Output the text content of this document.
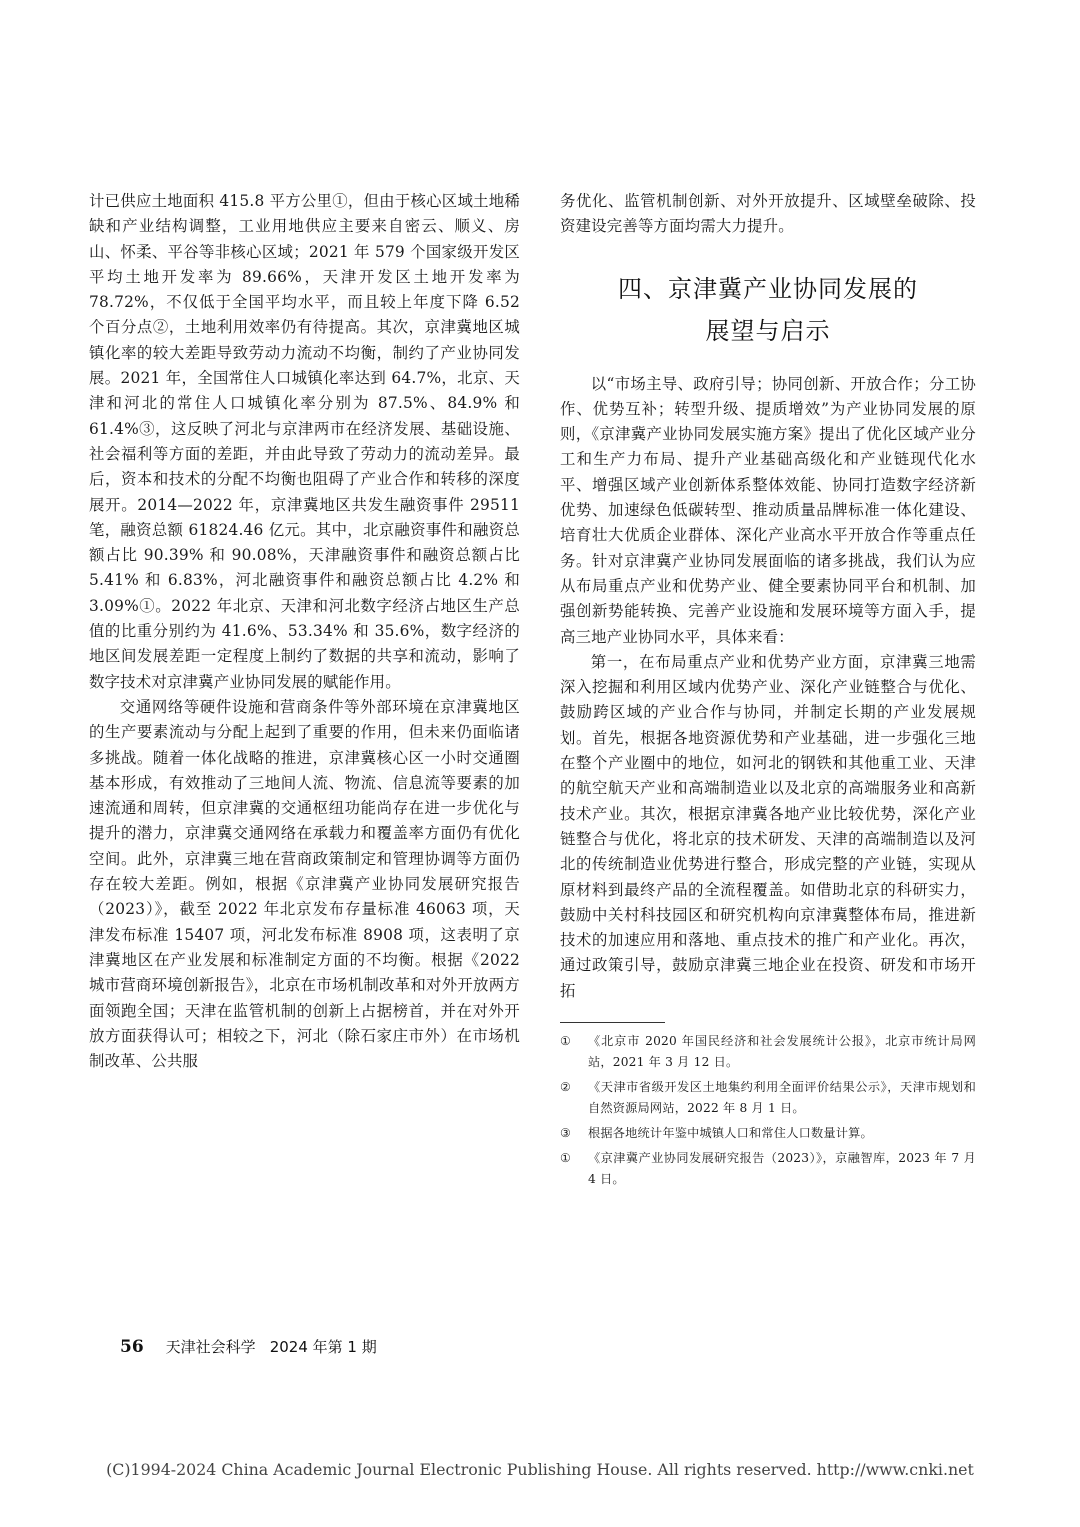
计已供应土地面积 415.8 平方公里①，但由于核心区域土地稀缺和产业结构调整，工业用地供应主要来自密云、顺义、房山、怀柔、平谷等非核心区域；2021 年 579 个国家级开发区平均土地开发率为 89.66%，天津开发区土地开发率为 78.72%，不仅低于全国平均水平，而且较上年度下降 6.52 个百分点②，土地利用效率仍有待提高。其次，京津冀地区城镇化率的较大差距导致劳动力流动不均衡，制约了产业协同发展。2021 年，全国常住人口城镇化率达到 64.7%，北京、天津和河北的常住人口城镇化率分别为 87.5%、84.9% 和 61.4%③，这反映了河北与京津两市在经济发展、基础设施、社会福利等方面的差距，并由此导致了劳动力的流动差异。最后，资本和技术的分配不均衡也阻碍了产业合作和转移的深度展开。2014—2022 年，京津冀地区共发生融资事件 29511 笔，融资总额 61824.46 亿元。其中，北京融资事件和融资总额占比 90.39% 和 90.08%，天津融资事件和融资总额占比 5.41% 和 6.83%，河北融资事件和融资总额占比 4.2% 和 3.09%①。2022 年北京、天津和河北数字经济占地区生产总值的比重分别约为 41.6%、53.34% 和 35.6%，数字经济的地区间发展差距一定程度上制约了数据的共享和流动，影响了数字技术对京津冀产业协同发展的赋能作用。

交通网络等硬件设施和营商条件等外部环境在京津冀地区的生产要素流动与分配上起到了重要的作用，但未来仍面临诸多挑战。随着一体化战略的推进，京津冀核心区一小时交通圈基本形成，有效推动了三地间人流、物流、信息流等要素的加速流通和周转，但京津冀的交通枢纽功能尚存在进一步优化与提升的潜力，京津冀交通网络在承载力和覆盖率方面仍有优化空间。此外，京津冀三地在营商政策制定和管理协调等方面仍存在较大差距。例如，根据《京津冀产业协同发展研究报告（2023）》，截至 2022 年北京发布存量标准 46063 项，天津发布标准 15407 项，河北发布标准 8908 项，这表明了京津冀地区在产业发展和标准制定方面的不均衡。根据《2022 城市营商环境创新报告》，北京在市场机制改革和对外开放两方面领跑全国；天津在监管机制的创新上占据榜首，并在对外开放方面获得认可；相较之下，河北（除石家庄市外）在市场机制改革、公共服

务优化、监管机制创新、对外开放提升、区域壁垒破除、投资建设完善等方面均需大力提升。

四、京津冀产业协同发展的
展望与启示

以“市场主导、政府引导；协同创新、开放合作；分工协作、优势互补；转型升级、提质增效”为产业协同发展的原则，《京津冀产业协同发展实施方案》提出了优化区域产业分工和生产力布局、提升产业基础高级化和产业链现代化水平、增强区域产业创新体系整体效能、协同打造数字经济新优势、加速绿色低碳转型、推动质量品牌标准一体化建设、培育壮大优质企业群体、深化产业高水平开放合作等重点任务。针对京津冀产业协同发展面临的诸多挑战，我们认为应从布局重点产业和优势产业、健全要素协同平台和机制、加强创新势能转换、完善产业设施和发展环境等方面入手，提高三地产业协同水平，具体来看：

第一，在布局重点产业和优势产业方面，京津冀三地需深入挖掘和利用区域内优势产业、深化产业链整合与优化、鼓励跨区域的产业合作与协同，并制定长期的产业发展规划。首先，根据各地资源优势和产业基础，进一步强化三地在整个产业圈中的地位，如河北的钢铁和其他重工业、天津的航空航天产业和高端制造业以及北京的高端服务业和高新技术产业。其次，根据京津冀各地产业比较优势，深化产业链整合与优化，将北京的技术研发、天津的高端制造以及河北的传统制造业优势进行整合，形成完整的产业链，实现从原材料到最终产品的全流程覆盖。如借助北京的科研实力，鼓励中关村科技园区和研究机构向京津冀整体布局，推进新技术的加速应用和落地、重点技术的推广和产业化。再次，通过政策引导，鼓励京津冀三地企业在投资、研发和市场开拓

①	《北京市 2020 年国民经济和社会发展统计公报》，北京市统计局网站，2021 年 3 月 12 日。
②	《天津市省级开发区土地集约利用全面评价结果公示》，天津市规划和自然资源局网站，2022 年 8 月 1 日。
③	根据各地统计年鉴中城镇人口和常住人口数量计算。
①	《京津冀产业协同发展研究报告（2023）》，京融智库，2023 年 7 月 4 日。
56 天津社会科学 2024 年第 1 期
(C)1994-2024 China Academic Journal Electronic Publishing House. All rights reserved. http://www.cnki.net
